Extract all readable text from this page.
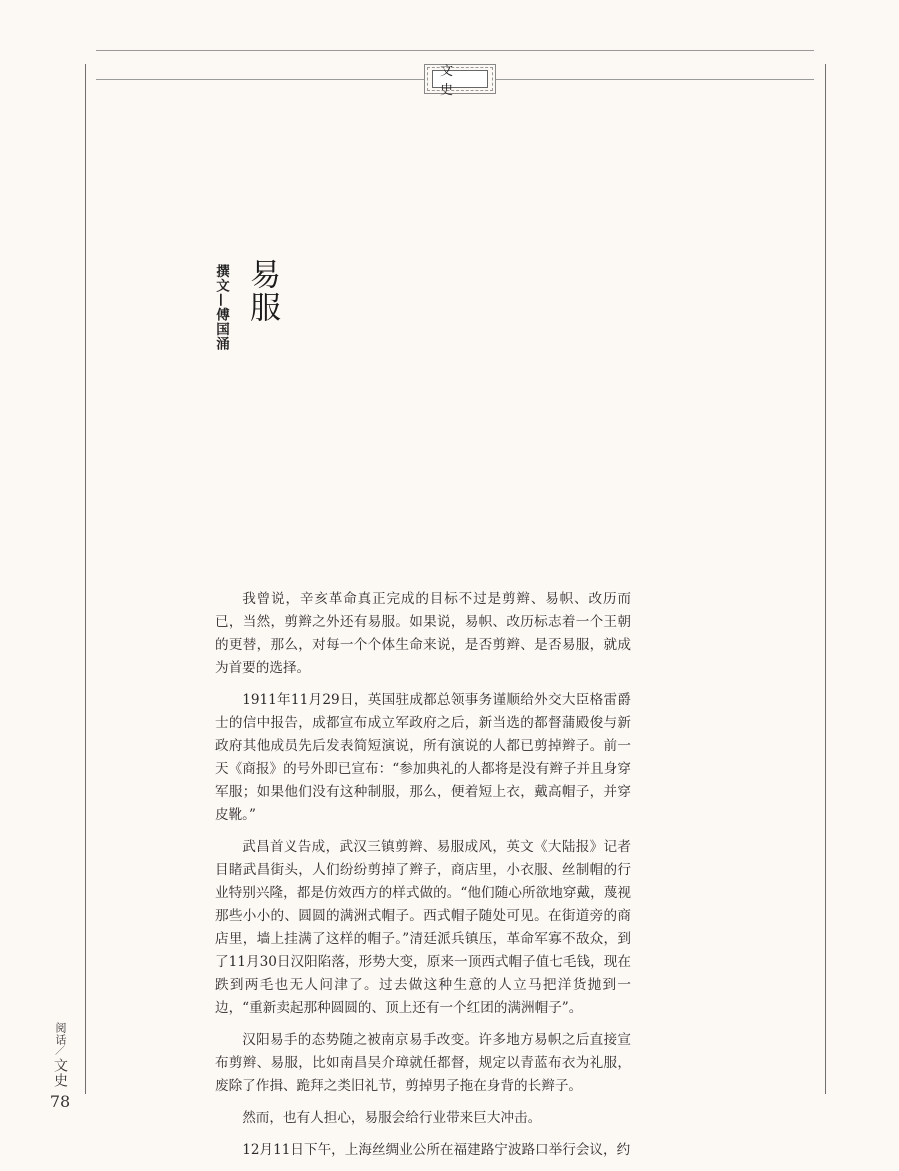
文 史
撰文—傅国涌 易服

我曾说，辛亥革命真正完成的目标不过是剪辫、易帜、改历而已，当然，剪辫之外还有易服。如果说，易帜、改历标志着一个王朝的更替，那么，对每一个个体生命来说，是否剪辫、是否易服，就成为首要的选择。

1911年11月29日，英国驻成都总领事务谨顺给外交大臣格雷爵士的信中报告，成都宣布成立军政府之后，新当选的都督蒲殿俊与新政府其他成员先后发表简短演说，所有演说的人都已剪掉辫子。前一天《商报》的号外即已宣布：“参加典礼的人都将是没有辫子并且身穿军服；如果他们没有这种制服，那么，便着短上衣，戴高帽子，并穿皮靴。”

武昌首义告成，武汉三镇剪辫、易服成风，英文《大陆报》记者目睹武昌街头，人们纷纷剪掉了辫子，商店里，小衣服、丝制帽的行业特别兴隆，都是仿效西方的样式做的。“他们随心所欲地穿戴，蔑视那些小小的、圆圆的满洲式帽子。西式帽子随处可见。在街道旁的商店里，墙上挂满了这样的帽子。”清廷派兵镇压，革命军寡不敌众，到了11月30日汉阳陷落，形势大变，原来一顶西式帽子值七毛钱，现在跌到两毛也无人问津了。过去做这种生意的人立马把洋货抛到一边，“重新卖起那种圆圆的、顶上还有一个红团的满洲帽子”。

汉阳易手的态势随之被南京易手改变。许多地方易帜之后直接宣布剪辫、易服，比如南昌吴介璋就任都督，规定以青蓝布衣为礼服，废除了作揖、跪拜之类旧礼节，剪掉男子拖在身背的长辫子。

然而，也有人担心，易服会给行业带来巨大冲击。

12月11日下午，上海丝绸业公所在福建路宁波路口举行会议，约

阅话
／
文史
78
